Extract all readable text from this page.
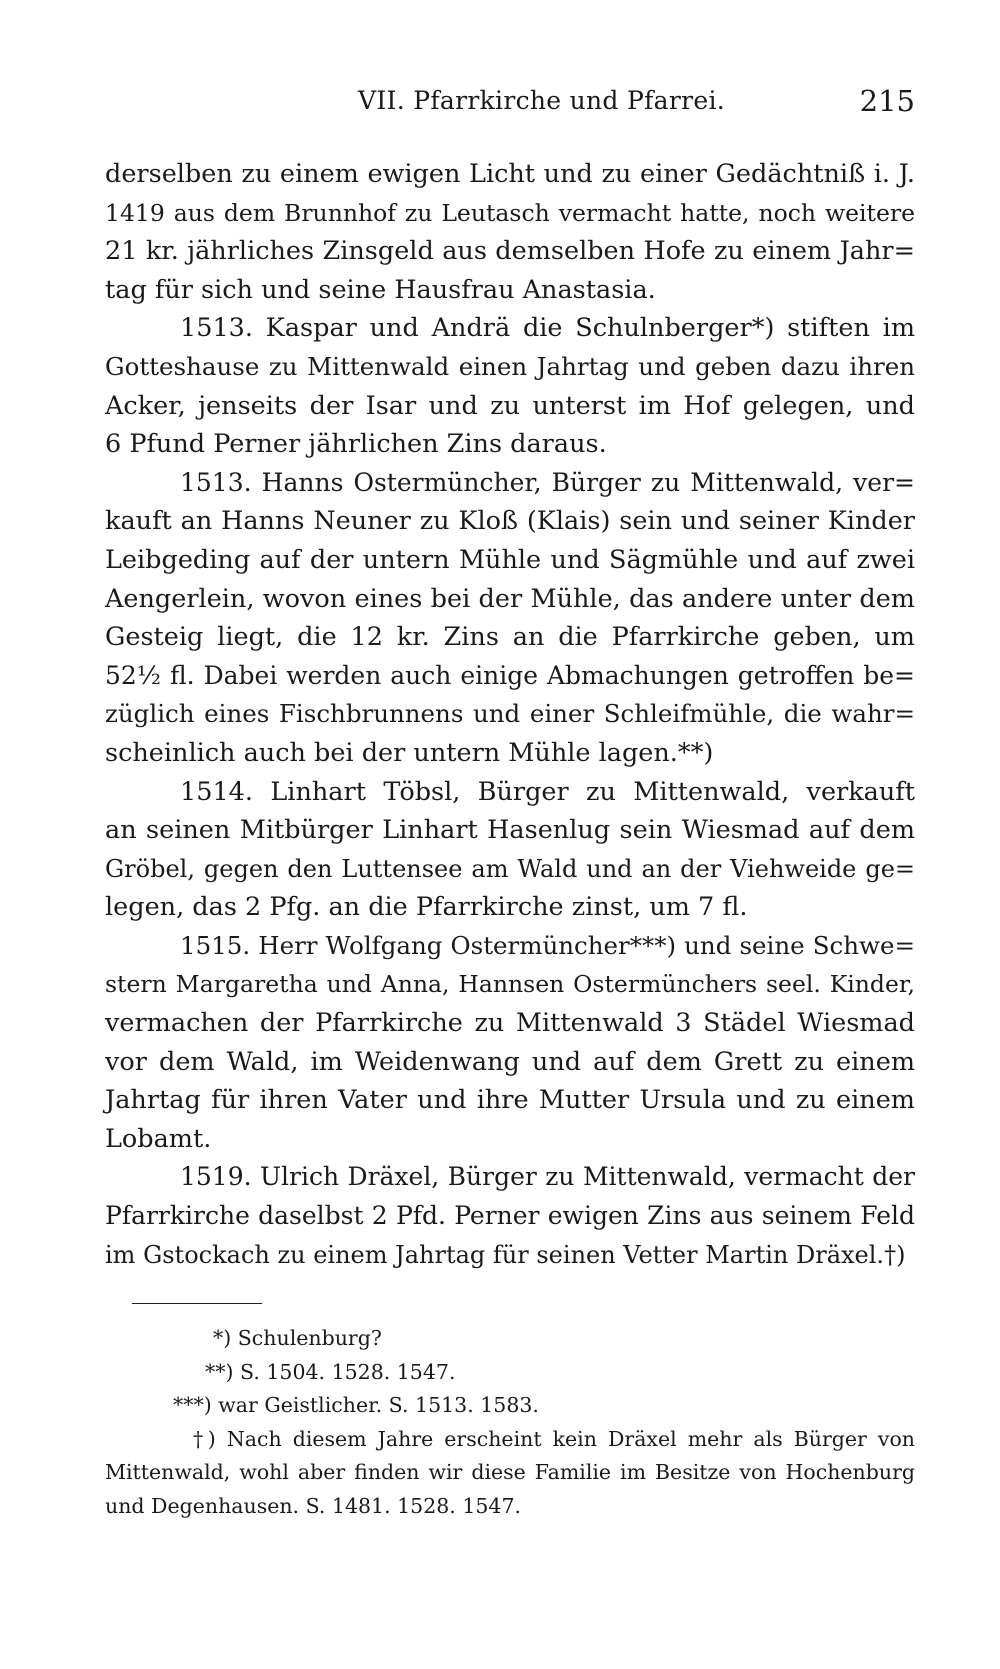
VII. Pfarrkirche und Pfarrei.	215
derselben zu einem ewigen Licht und zu einer Gedächtniß i. J.
1419 aus dem Brunnhof zu Leutasch vermacht hatte, noch weitere
21 kr. jährliches Zinsgeld aus demselben Hofe zu einem Jahr=
tag für sich und seine Hausfrau Anastasia.
1513. Kaspar und Andrä die Schulnberger*) stiften im
Gotteshause zu Mittenwald einen Jahrtag und geben dazu ihren
Acker, jenseits der Isar und zu unterst im Hof gelegen, und
6 Pfund Perner jährlichen Zins daraus.
1513. Hanns Ostermüncher, Bürger zu Mittenwald, ver=
kauft an Hanns Neuner zu Kloß (Klais) sein und seiner Kinder
Leibgeding auf der untern Mühle und Sägmühle und auf zwei
Aengerlein, wovon eines bei der Mühle, das andere unter dem
Gesteig liegt, die 12 kr. Zins an die Pfarrkirche geben, um
52½ fl. Dabei werden auch einige Abmachungen getroffen be=
züglich eines Fischbrunnens und einer Schleifmühle, die wahr=
scheinlich auch bei der untern Mühle lagen.**)
1514. Linhart Töbsl, Bürger zu Mittenwald, verkauft
an seinen Mitbürger Linhart Hasenlug sein Wiesmad auf dem
Gröbel, gegen den Luttensee am Wald und an der Viehweide ge=
legen, das 2 Pfg. an die Pfarrkirche zinst, um 7 fl.
1515. Herr Wolfgang Ostermüncher***) und seine Schwe=
stern Margaretha und Anna, Hannsen Ostermünchers seel. Kinder,
vermachen der Pfarrkirche zu Mittenwald 3 Städel Wiesmad
vor dem Wald, im Weidenwang und auf dem Grett zu einem
Jahrtag für ihren Vater und ihre Mutter Ursula und zu einem
Lobamt.
1519. Ulrich Dräxel, Bürger zu Mittenwald, vermacht der
Pfarrkirche daselbst 2 Pfd. Perner ewigen Zins aus seinem Feld
im Gstockach zu einem Jahrtag für seinen Vetter Martin Dräxel.†)
*) Schulenburg?
**) S. 1504. 1528. 1547.
***) war Geistlicher. S. 1513. 1583.
†) Nach diesem Jahre erscheint kein Dräxel mehr als Bürger von
Mittenwald, wohl aber finden wir diese Familie im Besitze von Hochenburg
und Degenhausen. S. 1481. 1528. 1547.
